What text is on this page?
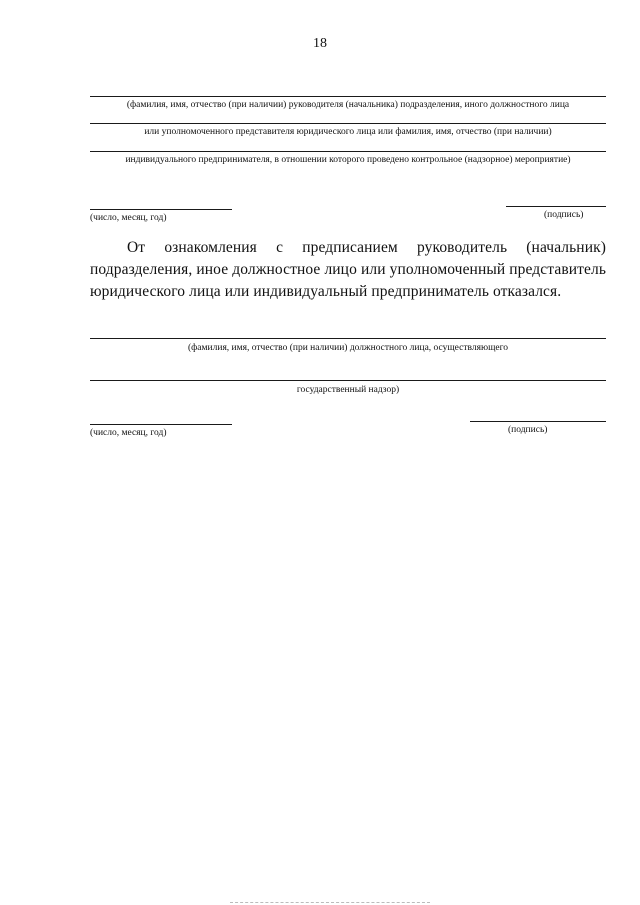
18
(фамилия, имя, отчество (при наличии) руководителя (начальника) подразделения, иного должностного лица
или уполномоченного представителя юридического лица или фамилия, имя, отчество (при наличии)
индивидуального предпринимателя, в отношении которого проведено контрольное (надзорное) мероприятие)
(число, месяц, год)	(подпись)
От ознакомления с предписанием руководитель (начальник) подразделения, иное должностное лицо или уполномоченный представитель юридического лица или индивидуальный предприниматель отказался.
(фамилия, имя, отчество (при наличии) должностного лица, осуществляющего
государственный надзор)
(число, месяц, год)	(подпись)
